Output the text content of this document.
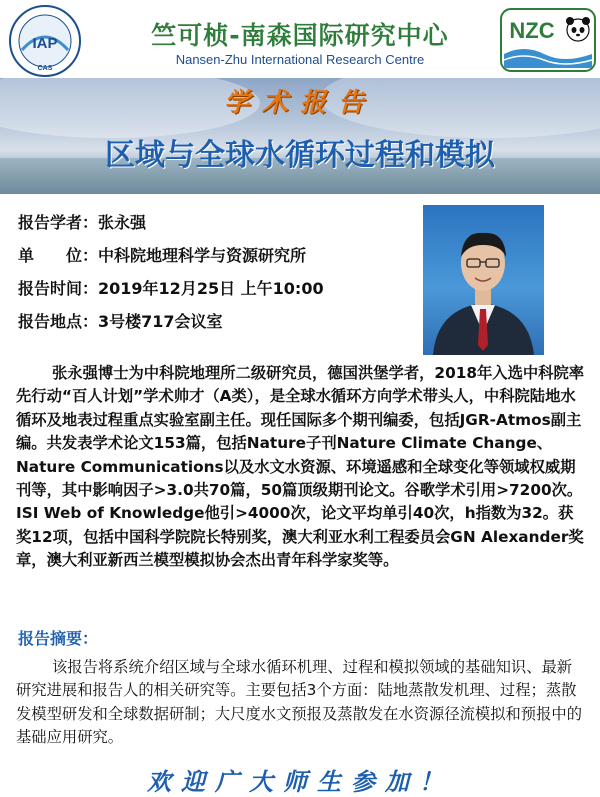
IAP
CAS
竺可桢-南森国际研究中心
Nansen-Zhu International Research Centre
NZC
学术报告
区域与全球水循环过程和模拟
报告学者：张永强
单　　位：中科院地理科学与资源研究所
报告时间：2019年12月25日 上午10:00
报告地点：3号楼717会议室
张永强博士为中科院地理所二级研究员，德国洪堡学者，2018年入选中科院率先行动“百人计划”学术帅才（A类），是全球水循环方向学术带头人，中科院陆地水循环及地表过程重点实验室副主任。现任国际多个期刊编委，包括JGR-Atmos副主编。共发表学术论文153篇，包括Nature子刊Nature Climate Change、Nature Communications以及水文水资源、环境遥感和全球变化等领域权威期刊等，其中影响因子>3.0共70篇，50篇顶级期刊论文。谷歌学术引用>7200次。ISI Web of Knowledge他引>4000次，论文平均单引40次，h指数为32。获奖12项，包括中国科学院院长特别奖，澳大利亚水利工程委员会GN Alexander奖章，澳大利亚新西兰模型模拟协会杰出青年科学家奖等。
报告摘要：
该报告将系统介绍区域与全球水循环机理、过程和模拟领域的基础知识、最新研究进展和报告人的相关研究等。主要包括3个方面：陆地蒸散发机理、过程；蒸散发模型研发和全球数据研制；大尺度水文预报及蒸散发在水资源径流模拟和预报中的基础应用研究。
欢迎广大师生参加！
